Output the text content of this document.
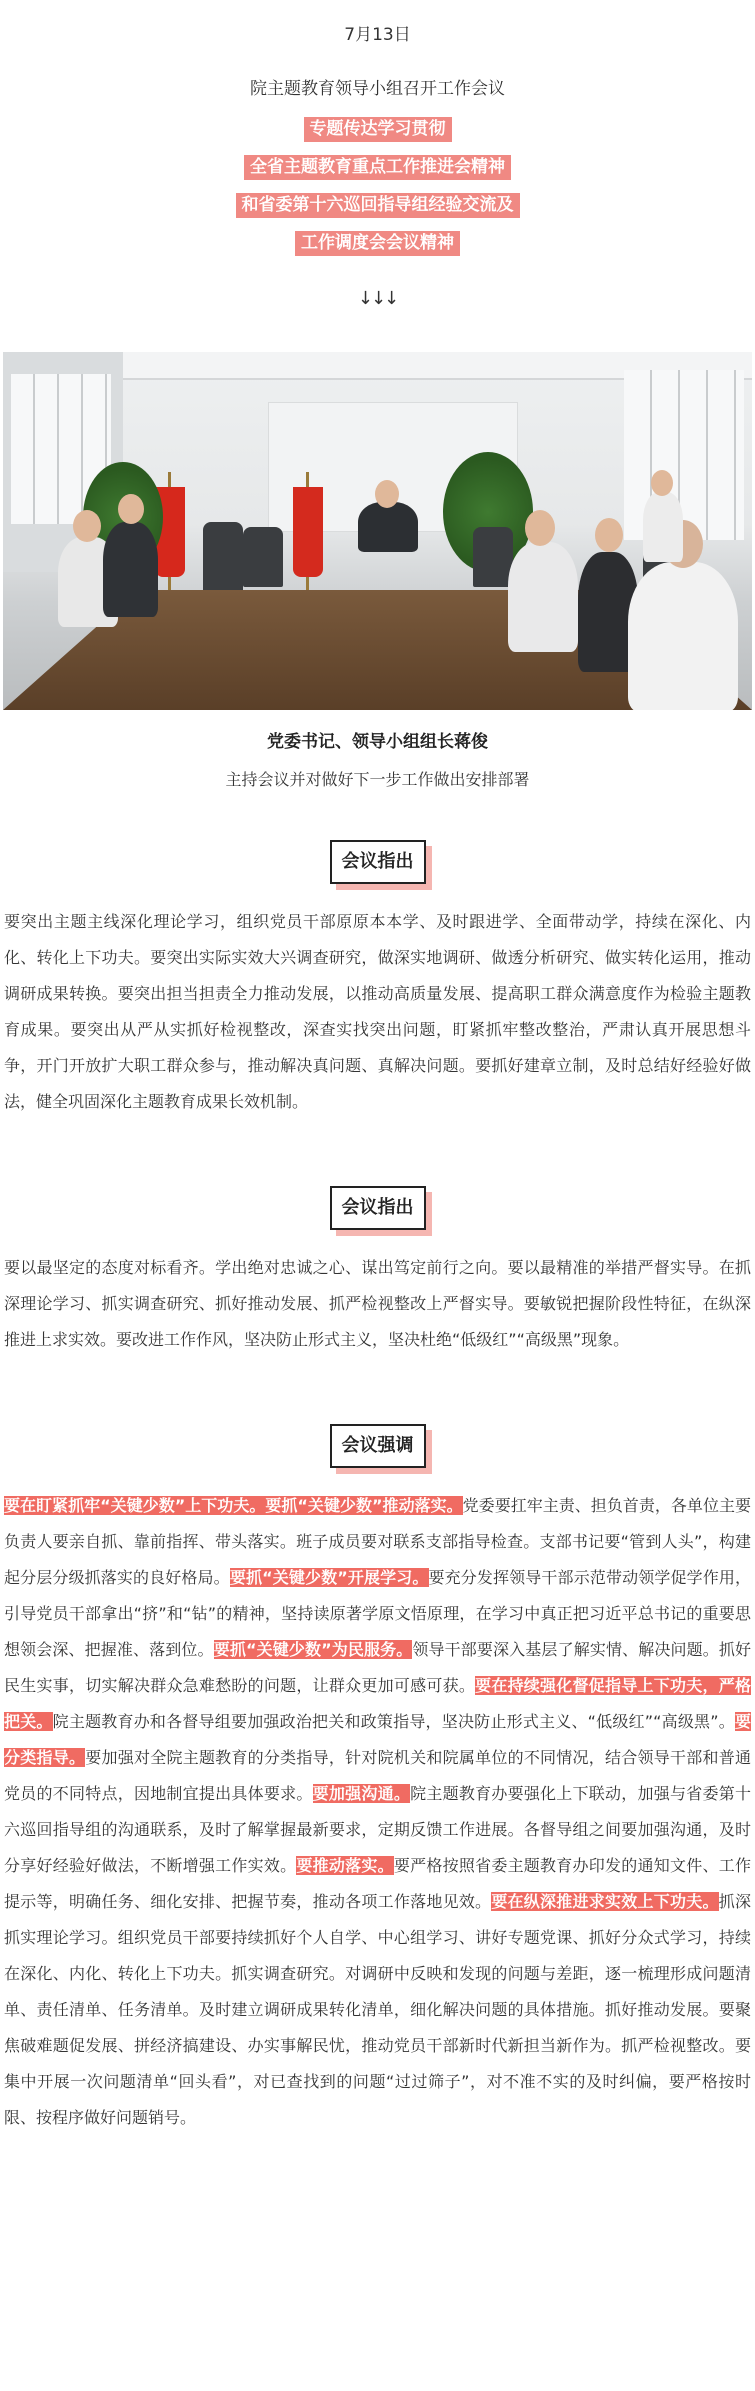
7月13日
院主题教育领导小组召开工作会议
专题传达学习贯彻
全省主题教育重点工作推进会精神
和省委第十六巡回指导组经验交流及
工作调度会会议精神
↓↓↓
党委书记、领导小组组长蒋俊
主持会议并对做好下一步工作做出安排部署
会议指出
要突出主题主线深化理论学习，组织党员干部原原本本学、及时跟进学、全面带动学，持续在深化、内化、转化上下功夫。要突出实际实效大兴调查研究，做深实地调研、做透分析研究、做实转化运用，推动调研成果转换。要突出担当担责全力推动发展，以推动高质量发展、提高职工群众满意度作为检验主题教育成果。要突出从严从实抓好检视整改，深查实找突出问题，盯紧抓牢整改整治，严肃认真开展思想斗争，开门开放扩大职工群众参与，推动解决真问题、真解决问题。要抓好建章立制，及时总结好经验好做法，健全巩固深化主题教育成果长效机制。
会议指出
要以最坚定的态度对标看齐。学出绝对忠诚之心、谋出笃定前行之向。要以最精准的举措严督实导。在抓深理论学习、抓实调查研究、抓好推动发展、抓严检视整改上严督实导。要敏锐把握阶段性特征，在纵深推进上求实效。要改进工作作风，坚决防止形式主义，坚决杜绝“低级红”“高级黑”现象。
会议强调
要在盯紧抓牢“关键少数”上下功夫。要抓“关键少数”推动落实。党委要扛牢主责、担负首责，各单位主要负责人要亲自抓、靠前指挥、带头落实。班子成员要对联系支部指导检查。支部书记要“管到人头”，构建起分层分级抓落实的良好格局。要抓“关键少数”开展学习。要充分发挥领导干部示范带动领学促学作用，引导党员干部拿出“挤”和“钻”的精神，坚持读原著学原文悟原理，在学习中真正把习近平总书记的重要思想领会深、把握准、落到位。要抓“关键少数”为民服务。领导干部要深入基层了解实情、解决问题。抓好民生实事，切实解决群众急难愁盼的问题，让群众更加可感可获。要在持续强化督促指导上下功夫，严格把关。院主题教育办和各督导组要加强政治把关和政策指导，坚决防止形式主义、“低级红”“高级黑”。要分类指导。要加强对全院主题教育的分类指导，针对院机关和院属单位的不同情况，结合领导干部和普通党员的不同特点，因地制宜提出具体要求。要加强沟通。院主题教育办要强化上下联动，加强与省委第十六巡回指导组的沟通联系，及时了解掌握最新要求，定期反馈工作进展。各督导组之间要加强沟通，及时分享好经验好做法，不断增强工作实效。要推动落实。要严格按照省委主题教育办印发的通知文件、工作提示等，明确任务、细化安排、把握节奏，推动各项工作落地见效。要在纵深推进求实效上下功夫。抓深抓实理论学习。组织党员干部要持续抓好个人自学、中心组学习、讲好专题党课、抓好分众式学习，持续在深化、内化、转化上下功夫。抓实调查研究。对调研中反映和发现的问题与差距，逐一梳理形成问题清单、责任清单、任务清单。及时建立调研成果转化清单，细化解决问题的具体措施。抓好推动发展。要聚焦破难题促发展、拼经济搞建设、办实事解民忧，推动党员干部新时代新担当新作为。抓严检视整改。要集中开展一次问题清单“回头看”，对已查找到的问题“过过筛子”，对不准不实的及时纠偏，要严格按时限、按程序做好问题销号。
